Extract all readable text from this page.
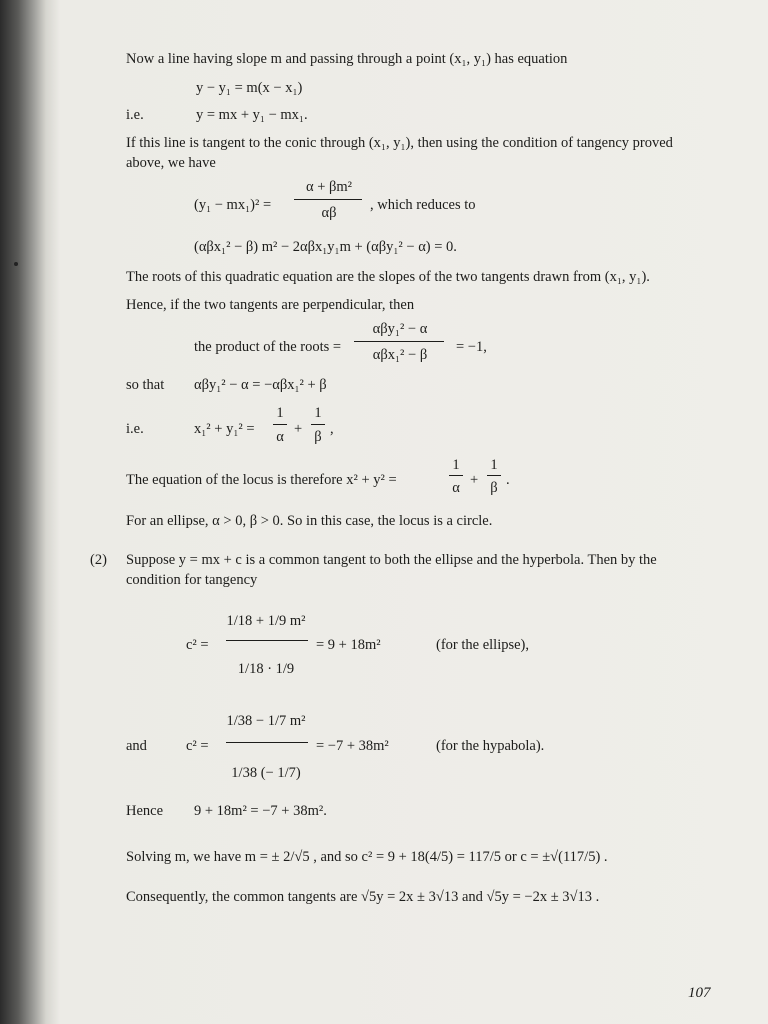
Now a line having slope m and passing through a point (x₁, y₁) has equation
y − y₁ = m(x − x₁)
i.e.	y = mx + y₁ − mx₁.
If this line is tangent to the conic through (x₁, y₁), then using the condition of tangency proved
above, we have
(y₁ − mx₁)² =
α + βm²
αβ	, which reduces to
(αβx₁² − β) m² − 2αβx₁y₁m + (αβy₁² − α) = 0.
The roots of this quadratic equation are the slopes of the two tangents drawn from (x₁, y₁).
Hence, if the two tangents are perpendicular, then
the product of the roots =
αβy₁² − α
αβx₁² − β	= −1,
so that αβy₁² − α = −αβx₁² + β
i.e.	x₁² + y₁² =
1
α +
1
β ,
The equation of the locus is therefore x² + y² =
1
α +
1
β .
For an ellipse, α > 0, β > 0. So in this case, the locus is a circle.
(2) Suppose y = mx + c is a common tangent to both the ellipse and the hyperbola. Then by the
condition for tangency
c² =
1/18 + 1/9 m²
1/18 · 1/9
= 9 + 18m²	(for the ellipse),
and	c² =
1/38 − 1/7 m²
1/38 (− 1/7)
= −7 + 38m²	(for the hypabola).
Hence 9 + 18m² = −7 + 38m².
Solving m, we have m = ± 2/√5 , and so c² = 9 + 18(4/5) = 117/5 or c = ±√(117/5) .
Consequently, the common tangents are √5y = 2x ± 3√13 and √5y = −2x ± 3√13 .
107
